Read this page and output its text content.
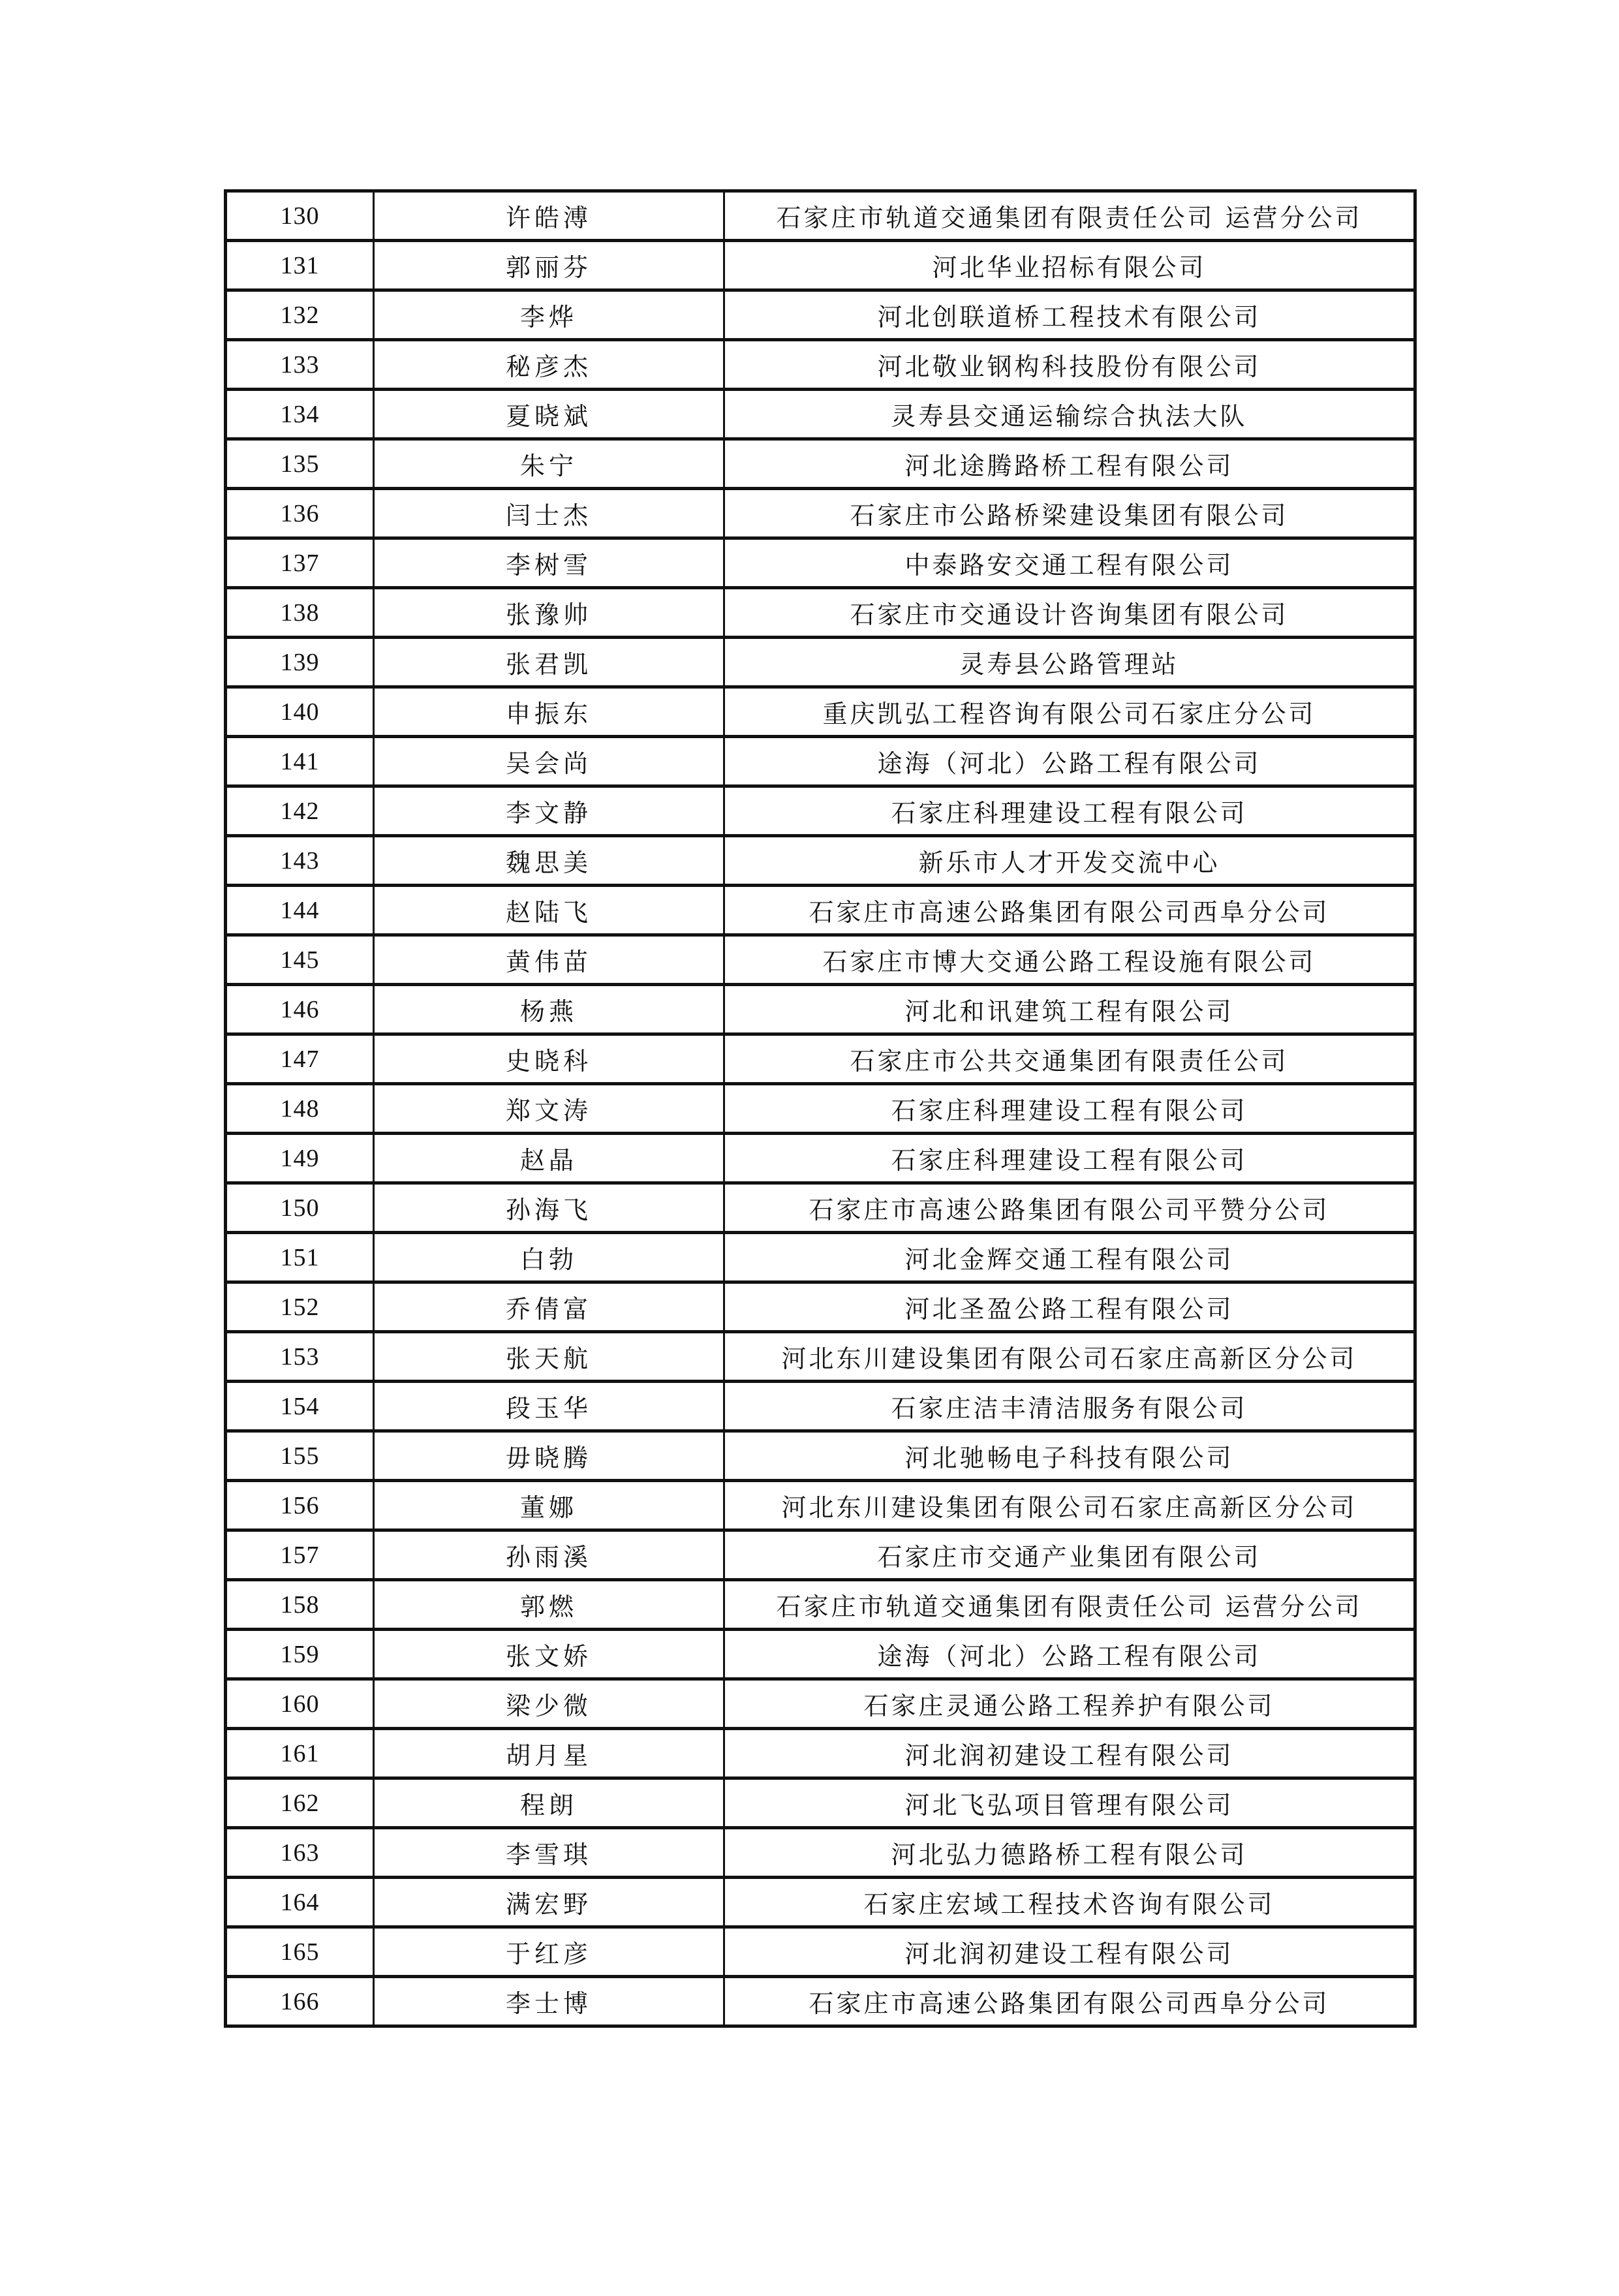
130	许皓溥	石家庄市轨道交通集团有限责任公司 运营分公司
131	郭丽芬	河北华业招标有限公司
132	李烨	河北创联道桥工程技术有限公司
133	秘彦杰	河北敬业钢构科技股份有限公司
134	夏晓斌	灵寿县交通运输综合执法大队
135	朱宁	河北途腾路桥工程有限公司
136	闫士杰	石家庄市公路桥梁建设集团有限公司
137	李树雪	中泰路安交通工程有限公司
138	张豫帅	石家庄市交通设计咨询集团有限公司
139	张君凯	灵寿县公路管理站
140	申振东	重庆凯弘工程咨询有限公司石家庄分公司
141	吴会尚	途海（河北）公路工程有限公司
142	李文静	石家庄科理建设工程有限公司
143	魏思美	新乐市人才开发交流中心
144	赵陆飞	石家庄市高速公路集团有限公司西阜分公司
145	黄伟苗	石家庄市博大交通公路工程设施有限公司
146	杨燕	河北和讯建筑工程有限公司
147	史晓科	石家庄市公共交通集团有限责任公司
148	郑文涛	石家庄科理建设工程有限公司
149	赵晶	石家庄科理建设工程有限公司
150	孙海飞	石家庄市高速公路集团有限公司平赞分公司
151	白勃	河北金辉交通工程有限公司
152	乔倩富	河北圣盈公路工程有限公司
153	张天航	河北东川建设集团有限公司石家庄高新区分公司
154	段玉华	石家庄洁丰清洁服务有限公司
155	毋晓腾	河北驰畅电子科技有限公司
156	董娜	河北东川建设集团有限公司石家庄高新区分公司
157	孙雨溪	石家庄市交通产业集团有限公司
158	郭燃	石家庄市轨道交通集团有限责任公司 运营分公司
159	张文娇	途海（河北）公路工程有限公司
160	梁少微	石家庄灵通公路工程养护有限公司
161	胡月星	河北润初建设工程有限公司
162	程朗	河北飞弘项目管理有限公司
163	李雪琪	河北弘力德路桥工程有限公司
164	满宏野	石家庄宏域工程技术咨询有限公司
165	于红彦	河北润初建设工程有限公司
166	李士博	石家庄市高速公路集团有限公司西阜分公司
